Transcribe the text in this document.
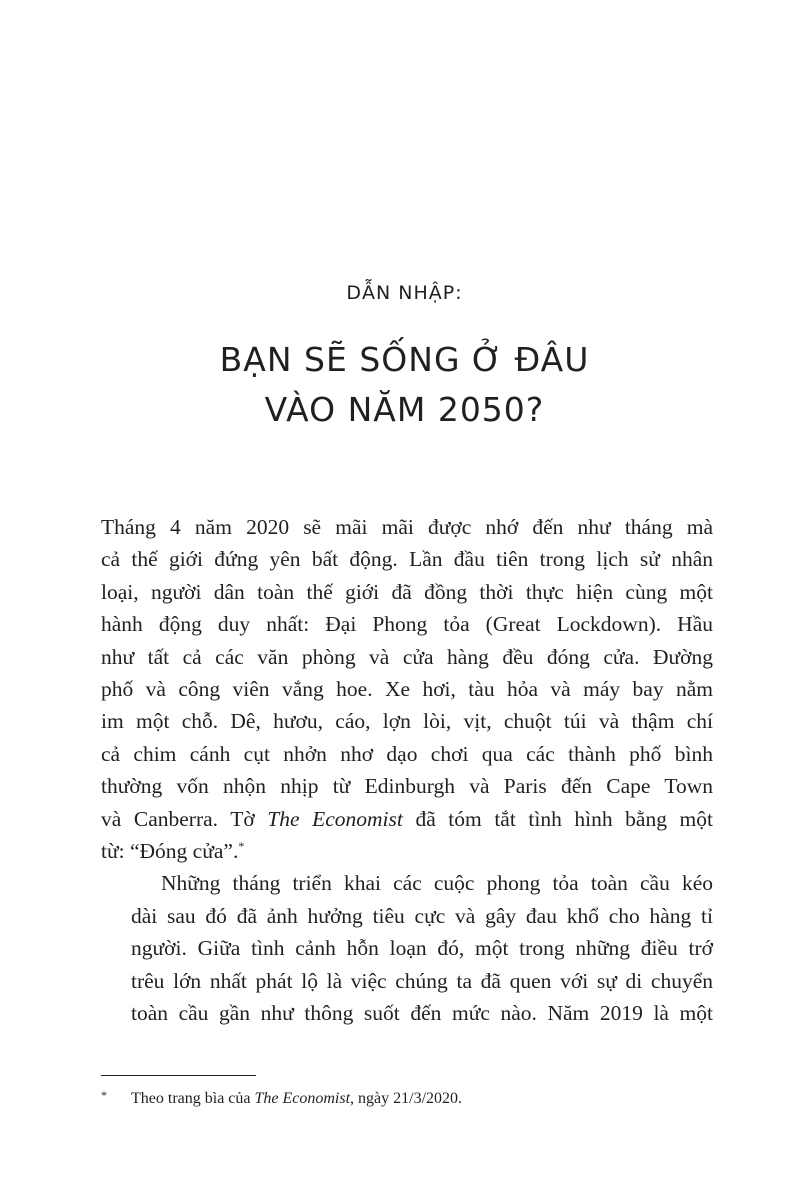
DẪN NHẬP:
BẠN SẼ SỐNG Ở ĐÂU
VÀO NĂM 2050?

Tháng 4 năm 2020 sẽ mãi mãi được nhớ đến như tháng mà
cả thế giới đứng yên bất động. Lần đầu tiên trong lịch sử nhân
loại, người dân toàn thế giới đã đồng thời thực hiện cùng một
hành động duy nhất: Đại Phong tỏa (Great Lockdown). Hầu
như tất cả các văn phòng và cửa hàng đều đóng cửa. Đường
phố và công viên vắng hoe. Xe hơi, tàu hỏa và máy bay nằm
im một chỗ. Dê, hươu, cáo, lợn lòi, vịt, chuột túi và thậm chí
cả chim cánh cụt nhởn nhơ dạo chơi qua các thành phố bình
thường vốn nhộn nhịp từ Edinburgh và Paris đến Cape Town
và Canberra. Tờ The Economist đã tóm tắt tình hình bằng một
từ: “Đóng cửa”.*

Những tháng triển khai các cuộc phong tỏa toàn cầu kéo
dài sau đó đã ảnh hưởng tiêu cực và gây đau khổ cho hàng tỉ
người. Giữa tình cảnh hỗn loạn đó, một trong những điều trớ
trêu lớn nhất phát lộ là việc chúng ta đã quen với sự di chuyển
toàn cầu gần như thông suốt đến mức nào. Năm 2019 là một

* Theo trang bìa của The Economist, ngày 21/3/2020.
